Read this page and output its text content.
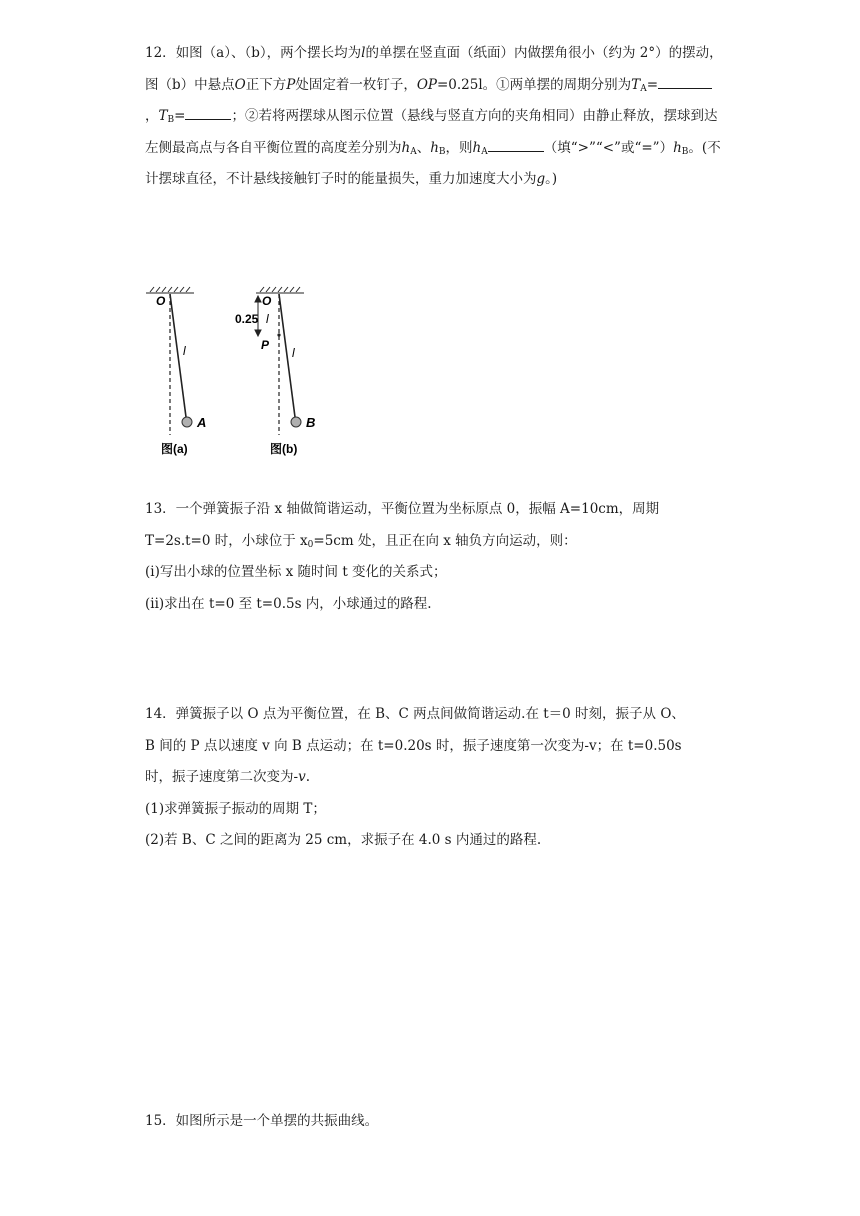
12．如图（a）、（b），两个摆长均为l的单摆在竖直面（纸面）内做摆角很小（约为 2°）的摆动，图（b）中悬点O正下方P处固定着一枚钉子，OP=0.25l。①两单摆的周期分别为$T_A=$，$T_B=$	；②若将两摆球从图示位置（悬线与竖直方向的夹角相同）由静止释放，摆球到达左侧最高点与各自平衡位置的高度差分别为$h_A$、$h_B$，则$h_A$	（填“>”“<”或“$=”)h_B$。(不计摆球直径，不计悬线接触钉子时的能量损失，重力加速度大小为g。)

O
l
A
图(a)
O
0.25 l
P
l
B
图(b)

13．一个弹簧振子沿 x 轴做简谐运动，平衡位置为坐标原点 0，振幅 A=10cm，周期

T=2s.t=0 时，小球位于 $x_0=5cm$ 处，且正在向 x 轴负方向运动，则：

(i)写出小球的位置坐标 x 随时间 t 变化的关系式；

(ii)求出在 t=0 至 t=0.5s 内，小球通过的路程.

14．弹簧振子以 O 点为平衡位置，在 B、C 两点间做简谐运动.在 t＝0 时刻，振子从 O、

B 间的 P 点以速度 v 向 B 点运动；在 t=0.20s 时，振子速度第一次变为-v；在 t=0.50s

时，振子速度第二次变为-v.

(1)求弹簧振子振动的周期 T；

(2)若 B、C 之间的距离为 25 cm，求振子在 4.0 s 内通过的路程.

15．如图所示是一个单摆的共振曲线。
